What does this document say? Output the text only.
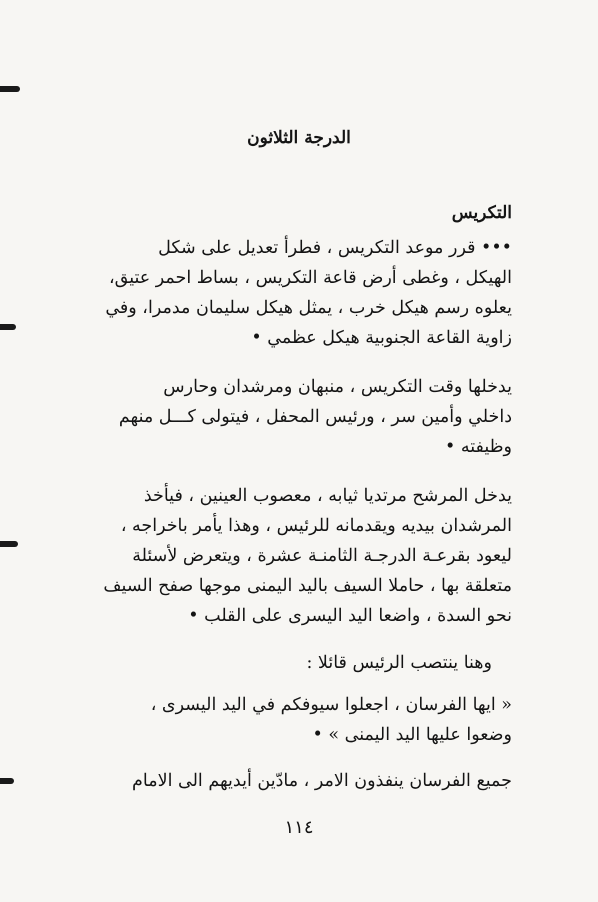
الدرجة الثلاثون
التكريس
••• قرر موعد التكريس ، فطرأ تعديل على شكل
الهيكل ، وغطى أرض قاعة التكريس ، بساط احمر عتيق،
يعلوه رسم هيكل خرب ، يمثل هيكل سليمان مدمرا، وفي
زاوية القاعة الجنوبية هيكل عظمي •
يدخلها وقت التكريس ، منبهان ومرشدان وحارس
داخلي وأمين سر ، ورئيس المحفل ، فيتولى كـــل منهم
وظيفته •
يدخل المرشح مرتديا ثيابه ، معصوب العينين ، فيأخذ
المرشدان بيديه ويقدمانه للرئيس ، وهذا يأمر باخراجه ،
ليعود بقرعـة الدرجـة الثامنـة عشرة ، ويتعرض لأسئلة
متعلقة بها ، حاملا السيف باليد اليمنى موجها صفح السيف
نحو السدة ، واضعا اليد اليسرى على القلب •
وهنا ينتصب الرئيس قائلا :
« ايها الفرسان ، اجعلوا سيوفكم في اليد اليسرى ،
وضعوا عليها اليد اليمنى » •
جميع الفرسان ينفذون الامر ، مادّين أيديهم الى الامام
١١٤
